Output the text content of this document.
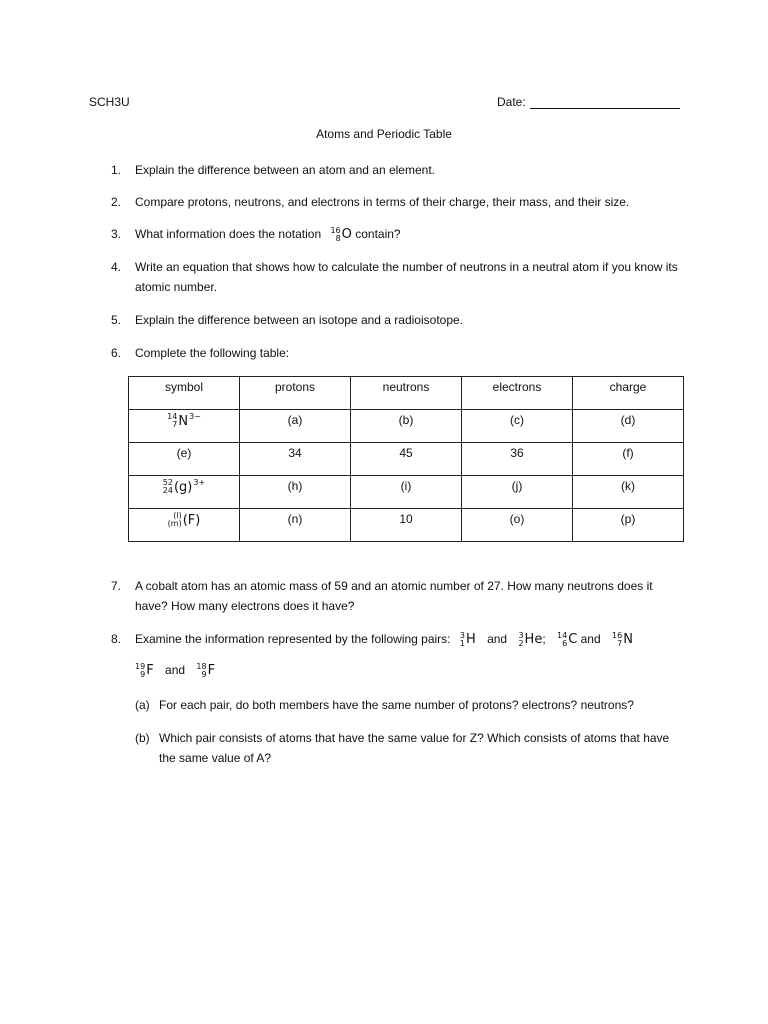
SCH3U	Date:
Atoms and Periodic Table
1. Explain the difference between an atom and an element.
2. Compare protons, neutrons, and electrons in terms of their charge, their mass, and their size.
3. What information does the notation 16
8 O contain?
4. Write an equation that shows how to calculate the number of neutrons in a neutral atom if you know its atomic number.
5. Explain the difference between an isotope and a radioisotope.
6. Complete the following table:
symbol	protons	neutrons	electrons	charge

14
7 N 3−	(a)	(b)	(c)	(d)
(e)	34	45	36	(f)

52
24 (g) 3+	(h)	(i)	(j)	(k)

(l)
(m) (F)	(n)	10	(o)	(p)
7. A cobalt atom has an atomic mass of 59 and an atomic number of 27. How many neutrons does it have? How many electrons does it have?
8. Examine the information represented by the following pairs: 3
1 H and 3
2 He ; 14
6 C and 16
7 N
19
9 F and 18
9 F
(a) For each pair, do both members have the same number of protons? electrons? neutrons?
(b) Which pair consists of atoms that have the same value for Z? Which consists of atoms that have the same value of A?
